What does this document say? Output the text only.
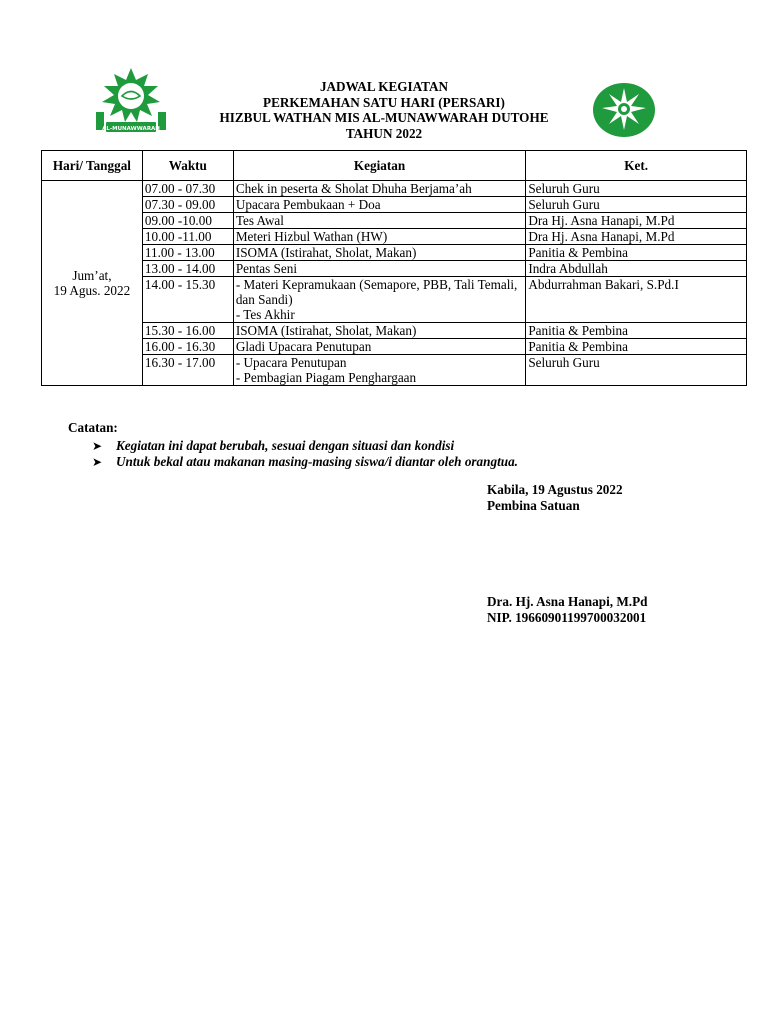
AL-MUNAWWARAH
JADWAL KEGIATAN
PERKEMAHAN SATU HARI (PERSARI)
HIZBUL WATHAN MIS AL-MUNAWWARAH DUTOHE
TAHUN 2022
Hari/ Tanggal	Waktu	Kegiatan	Ket.
Jum’at,
19 Agus. 2022	07.00 - 07.30	Chek in peserta & Sholat Dhuha Berjama’ah	Seluruh Guru
	07.30 - 09.00	Upacara Pembukaan + Doa	Seluruh Guru
	09.00 -10.00	Tes Awal	Dra Hj. Asna Hanapi, M.Pd
	10.00 -11.00	Meteri Hizbul Wathan (HW)	Dra Hj. Asna Hanapi, M.Pd
	11.00 - 13.00	ISOMA (Istirahat, Sholat, Makan)	Panitia & Pembina
	13.00 - 14.00	Pentas Seni	Indra Abdullah
	14.00 - 15.30	- Materi Kepramukaan (Semapore, PBB, Tali Temali, dan Sandi)
- Tes Akhir	Abdurrahman Bakari, S.Pd.I
	15.30 - 16.00	ISOMA (Istirahat, Sholat, Makan)	Panitia & Pembina
	16.00 - 16.30	Gladi Upacara Penutupan	Panitia & Pembina
	16.30 - 17.00	- Upacara Penutupan
- Pembagian Piagam Penghargaan	Seluruh Guru
Catatan:
➤	Kegiatan ini dapat berubah, sesuai dengan situasi dan kondisi
➤	Untuk bekal atau makanan masing-masing siswa/i diantar oleh orangtua.
Kabila, 19 Agustus 2022
Pembina Satuan
Dra. Hj. Asna Hanapi, M.Pd
NIP. 19660901199700032001
